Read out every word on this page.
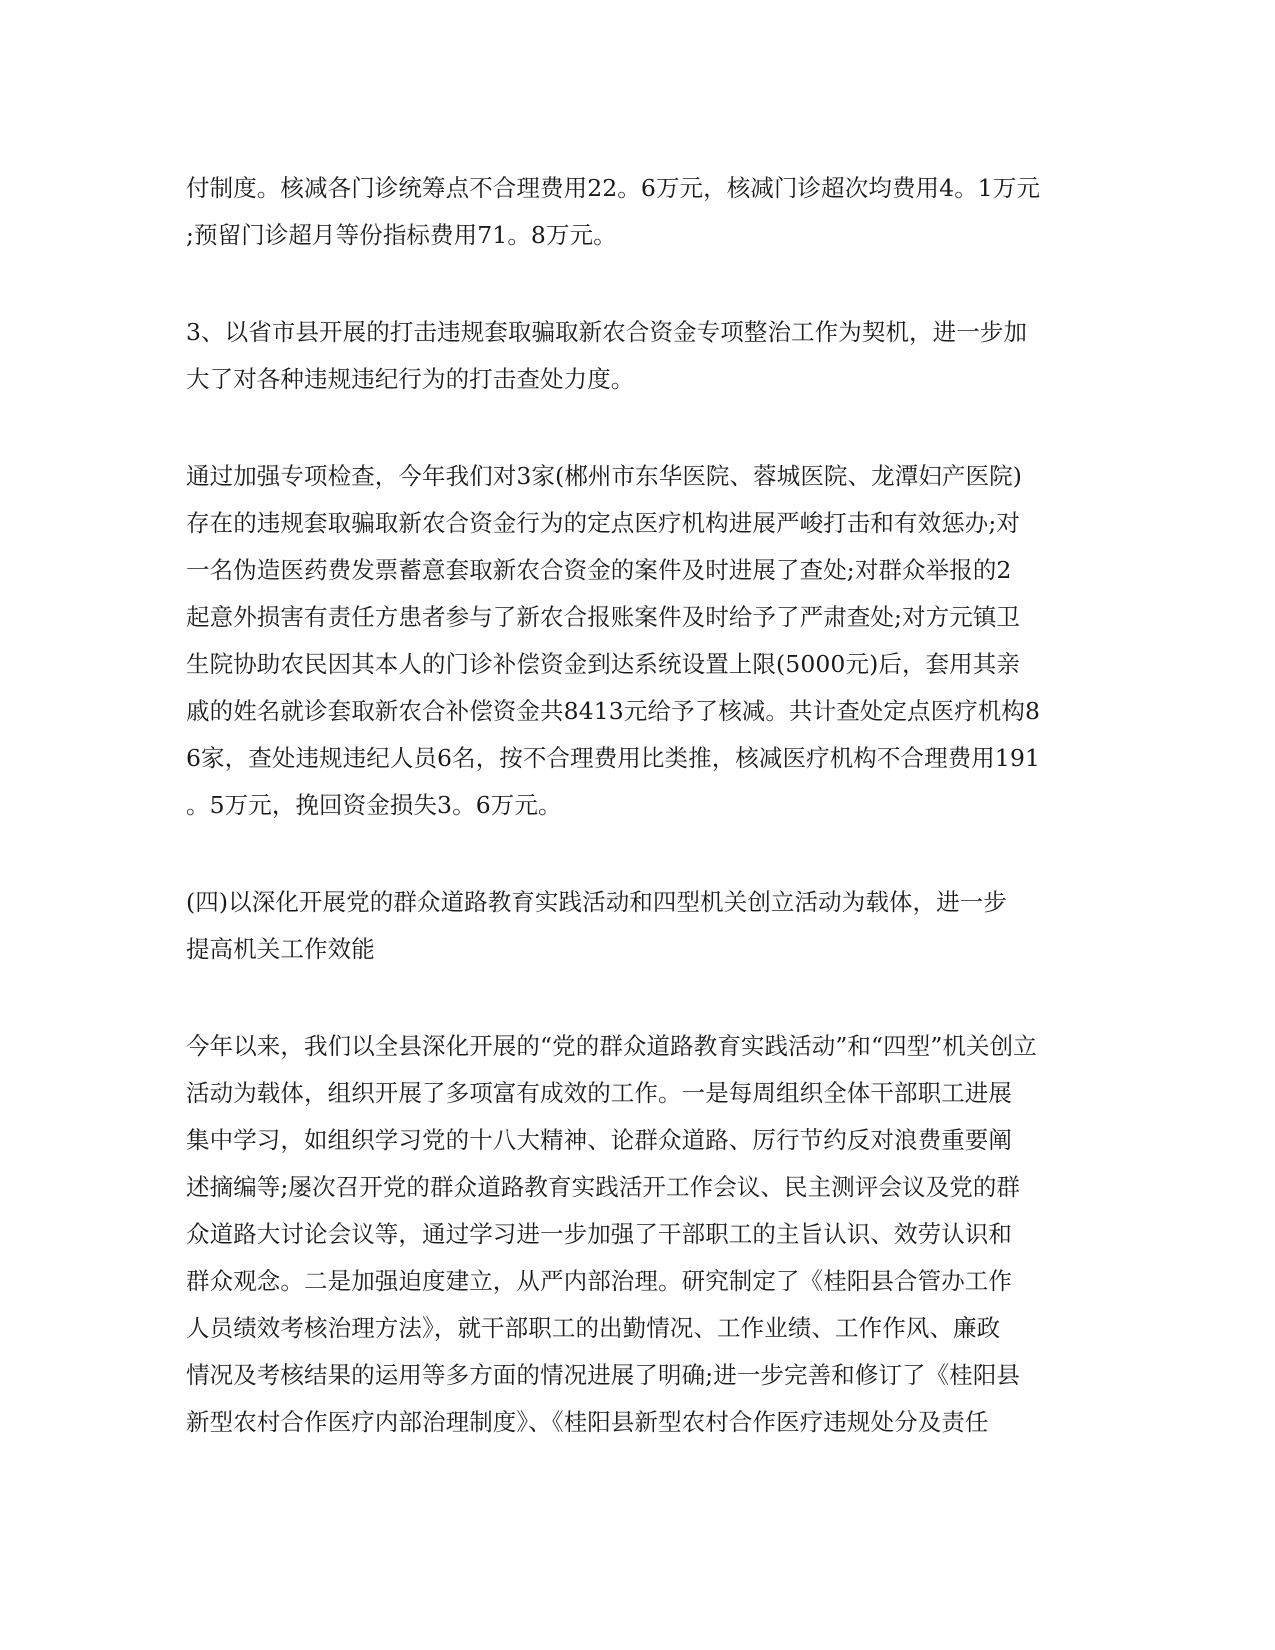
付制度。核减各门诊统筹点不合理费用22。6万元，核减门诊超次均费用4。1万元
;预留门诊超月等份指标费用71。8万元。
3、以省市县开展的打击违规套取骗取新农合资金专项整治工作为契机，进一步加
大了对各种违规违纪行为的打击查处力度。
通过加强专项检查，今年我们对3家(郴州市东华医院、蓉城医院、龙潭妇产医院)
存在的违规套取骗取新农合资金行为的定点医疗机构进展严峻打击和有效惩办;对
一名伪造医药费发票蓄意套取新农合资金的案件及时进展了查处;对群众举报的2
起意外损害有责任方患者参与了新农合报账案件及时给予了严肃查处;对方元镇卫
生院协助农民因其本人的门诊补偿资金到达系统设置上限(5000元)后，套用其亲
戚的姓名就诊套取新农合补偿资金共8413元给予了核减。共计查处定点医疗机构8
6家，查处违规违纪人员6名，按不合理费用比类推，核减医疗机构不合理费用191
。5万元，挽回资金损失3。6万元。
(四)以深化开展党的群众道路教育实践活动和四型机关创立活动为载体，进一步
提高机关工作效能
今年以来，我们以全县深化开展的“党的群众道路教育实践活动”和“四型”机关创立
活动为载体，组织开展了多项富有成效的工作。一是每周组织全体干部职工进展
集中学习，如组织学习党的十八大精神、论群众道路、厉行节约反对浪费重要阐
述摘编等;屡次召开党的群众道路教育实践活开工作会议、民主测评会议及党的群
众道路大讨论会议等，通过学习进一步加强了干部职工的主旨认识、效劳认识和
群众观念。二是加强迫度建立，从严内部治理。研究制定了《桂阳县合管办工作
人员绩效考核治理方法》，就干部职工的出勤情况、工作业绩、工作作风、廉政
情况及考核结果的运用等多方面的情况进展了明确;进一步完善和修订了《桂阳县
新型农村合作医疗内部治理制度》、《桂阳县新型农村合作医疗违规处分及责任
